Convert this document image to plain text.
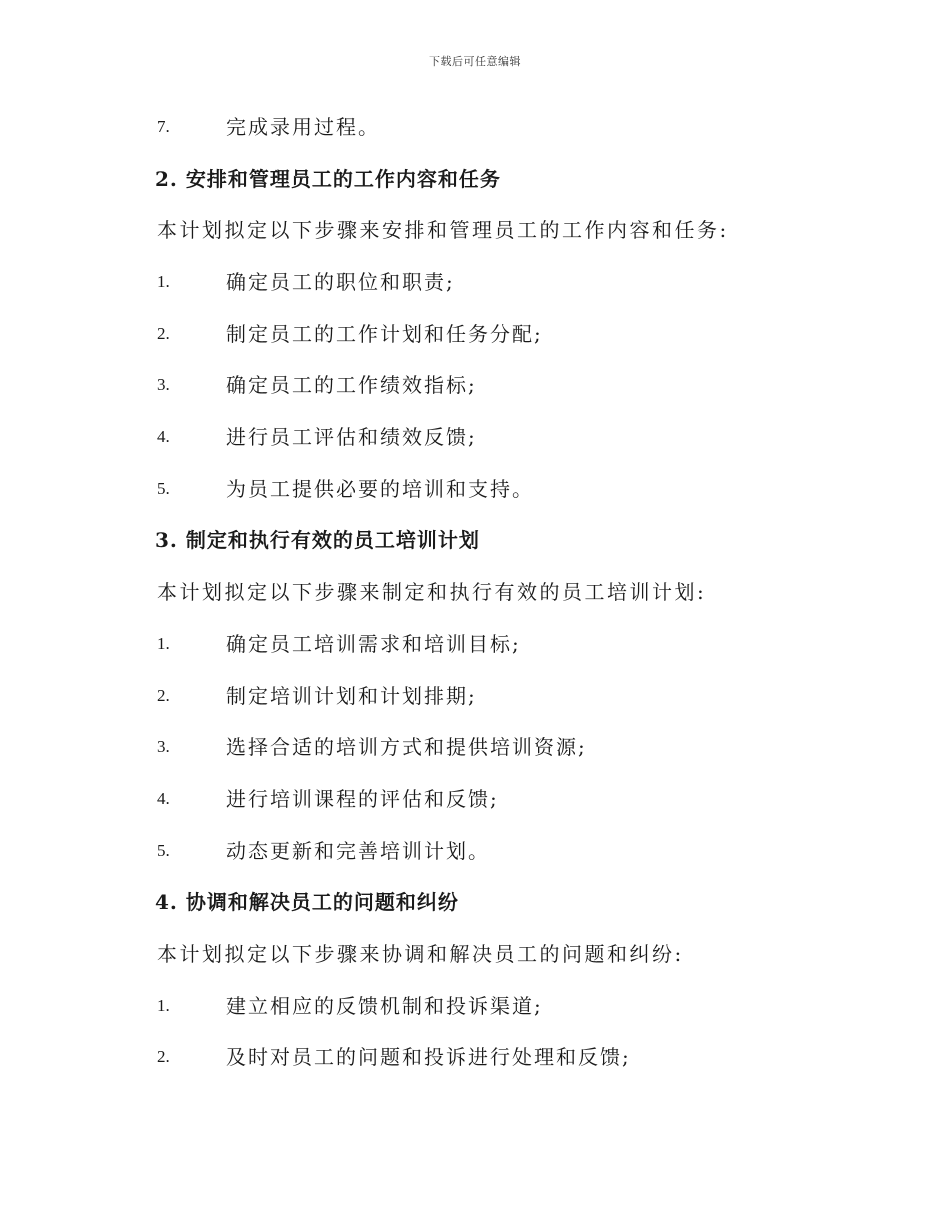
下载后可任意编辑
7.	完成录用过程。
2. 安排和管理员工的工作内容和任务
本计划拟定以下步骤来安排和管理员工的工作内容和任务:
1.	确定员工的职位和职责;
2.	制定员工的工作计划和任务分配;
3.	确定员工的工作绩效指标;
4.	进行员工评估和绩效反馈;
5.	为员工提供必要的培训和支持。
3. 制定和执行有效的员工培训计划
本计划拟定以下步骤来制定和执行有效的员工培训计划:
1.	确定员工培训需求和培训目标;
2.	制定培训计划和计划排期;
3.	选择合适的培训方式和提供培训资源;
4.	进行培训课程的评估和反馈;
5.	动态更新和完善培训计划。
4. 协调和解决员工的问题和纠纷
本计划拟定以下步骤来协调和解决员工的问题和纠纷:
1.	建立相应的反馈机制和投诉渠道;
2.	及时对员工的问题和投诉进行处理和反馈;
